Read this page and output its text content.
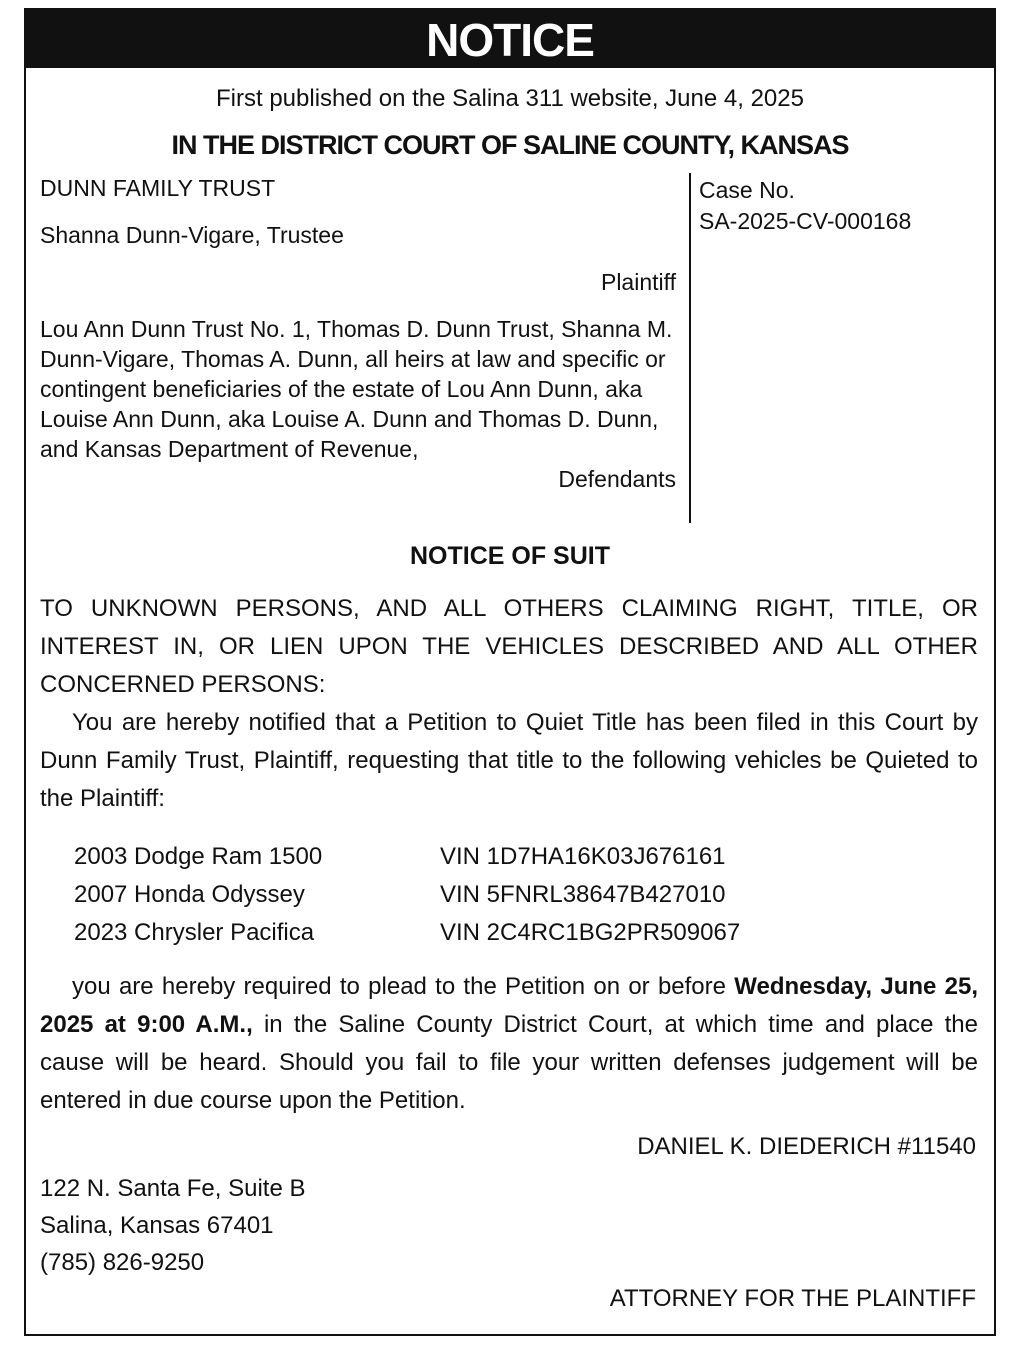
NOTICE
First published on the Salina 311 website, June 4, 2025
IN THE DISTRICT COURT OF SALINE COUNTY, KANSAS
DUNN FAMILY TRUST
Shanna Dunn-Vigare, Trustee
Plaintiff
Lou Ann Dunn Trust No. 1, Thomas D. Dunn Trust, Shanna M. Dunn-Vigare, Thomas A. Dunn, all heirs at law and specific or contingent beneficiaries of the estate of Lou Ann Dunn, aka Louise Ann Dunn, aka Louise A. Dunn and Thomas D. Dunn, and Kansas Department of Revenue,
Defendants
Case No.
SA-2025-CV-000168
NOTICE OF SUIT
TO UNKNOWN PERSONS, AND ALL OTHERS CLAIMING RIGHT, TITLE, OR INTEREST IN, OR LIEN UPON THE VEHICLES DESCRIBED AND ALL OTHER CONCERNED PERSONS:
You are hereby notified that a Petition to Quiet Title has been filed in this Court by Dunn Family Trust, Plaintiff, requesting that title to the following vehicles be Quieted to the Plaintiff:
2003 Dodge Ram 1500	VIN 1D7HA16K03J676161
2007 Honda Odyssey	VIN 5FNRL38647B427010
2023 Chrysler Pacifica	VIN 2C4RC1BG2PR509067
you are hereby required to plead to the Petition on or before Wednesday, June 25, 2025 at 9:00 A.M., in the Saline County District Court, at which time and place the cause will be heard. Should you fail to file your written defenses judgement will be entered in due course upon the Petition.
DANIEL K. DIEDERICH #11540
122 N. Santa Fe, Suite B
Salina, Kansas 67401
(785) 826-9250
ATTORNEY FOR THE PLAINTIFF
